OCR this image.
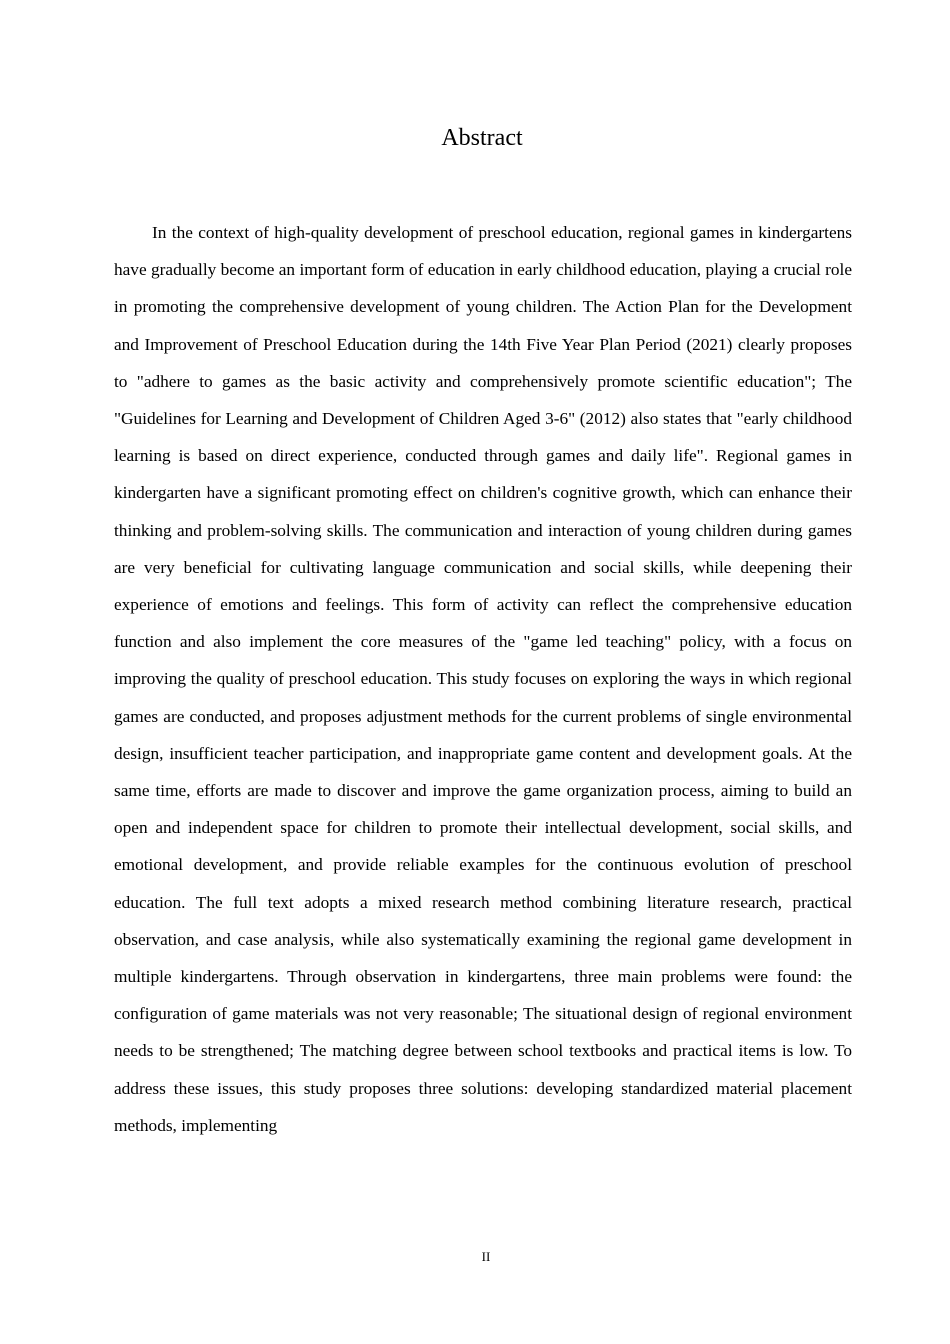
Abstract

In the context of high-quality development of preschool education, regional games in kindergartens have gradually become an important form of education in early childhood education, playing a crucial role in promoting the comprehensive development of young children. The Action Plan for the Development and Improvement of Preschool Education during the 14th Five Year Plan Period (2021) clearly proposes to "adhere to games as the basic activity and comprehensively promote scientific education"; The "Guidelines for Learning and Development of Children Aged 3-6" (2012) also states that "early childhood learning is based on direct experience, conducted through games and daily life". Regional games in kindergarten have a significant promoting effect on children's cognitive growth, which can enhance their thinking and problem-solving skills. The communication and interaction of young children during games are very beneficial for cultivating language communication and social skills, while deepening their experience of emotions and feelings. This form of activity can reflect the comprehensive education function and also implement the core measures of the "game led teaching" policy, with a focus on improving the quality of preschool education. This study focuses on exploring the ways in which regional games are conducted, and proposes adjustment methods for the current problems of single environmental design, insufficient teacher participation, and inappropriate game content and development goals. At the same time, efforts are made to discover and improve the game organization process, aiming to build an open and independent space for children to promote their intellectual development, social skills, and emotional development, and provide reliable examples for the continuous evolution of preschool education. The full text adopts a mixed research method combining literature research, practical observation, and case analysis, while also systematically examining the regional game development in multiple kindergartens. Through observation in kindergartens, three main problems were found: the configuration of game materials was not very reasonable; The situational design of regional environment needs to be strengthened; The matching degree between school textbooks and practical items is low. To address these issues, this study proposes three solutions: developing standardized material placement methods, implementing

II
